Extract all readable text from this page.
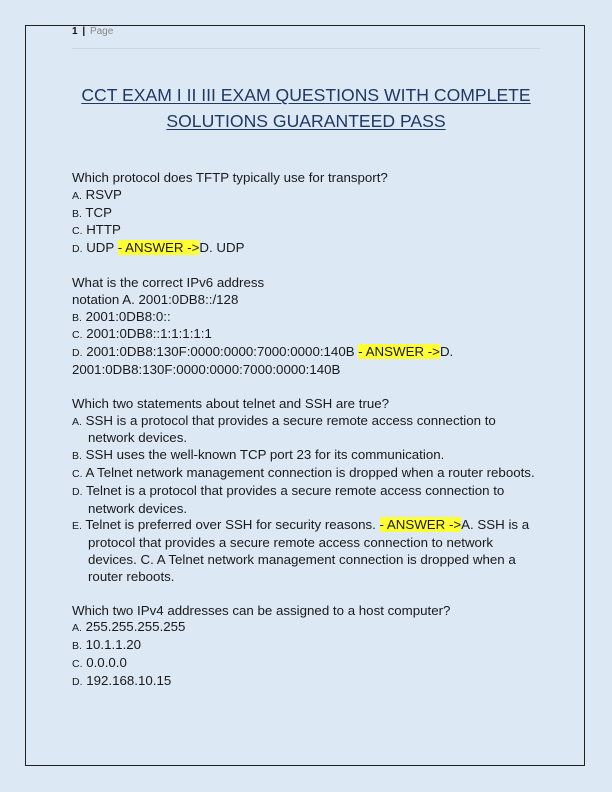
1 | Page
CCT EXAM I II III EXAM QUESTIONS WITH COMPLETE
SOLUTIONS GUARANTEED PASS

Which protocol does TFTP typically use for transport?

A. RSVP

B. TCP

C. HTTP

D. UDP - ANSWER ->D. UDP

What is the correct IPv6 address

notation A. 2001:0DB8::/128

B. 2001:0DB8:0::

C. 2001:0DB8::1:1:1:1:1

D. 2001:0DB8:130F:0000:0000:7000:0000:140B - ANSWER ->D. 2001:0DB8:130F:0000:0000:7000:0000:140B

Which two statements about telnet and SSH are true?

A. SSH is a protocol that provides a secure remote access connection to network devices.

B. SSH uses the well-known TCP port 23 for its communication.

C. A Telnet network management connection is dropped when a router reboots.

D. Telnet is a protocol that provides a secure remote access connection to network devices.

E. Telnet is preferred over SSH for security reasons. - ANSWER ->A. SSH is a protocol that provides a secure remote access connection to network devices. C. A Telnet network management connection is dropped when a router reboots.

Which two IPv4 addresses can be assigned to a host computer?

A. 255.255.255.255

B. 10.1.1.20

C. 0.0.0.0

D. 192.168.10.15
